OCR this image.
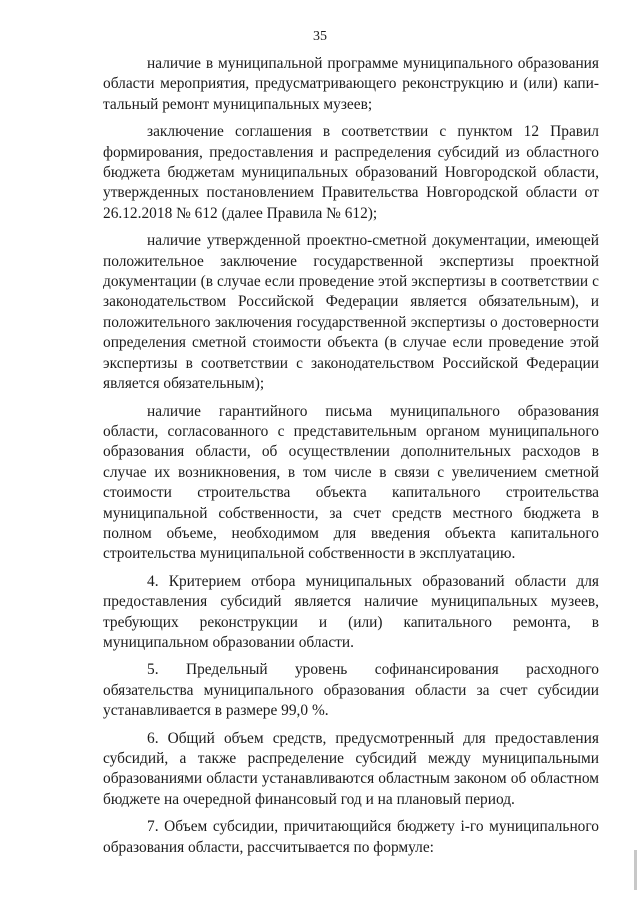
35

наличие в муниципальной программе муниципального образования области мероприятия, предусматривающего реконструкцию и (или) капитальный ремонт муниципальных музеев;

заключение соглашения в соответствии с пунктом 12 Правил формирования, предоставления и распределения субсидий из областного бюджета бюджетам муниципальных образований Новгородской области, утвержденных постановлением Правительства Новгородской области от 26.12.2018 № 612 (далее Правила № 612);

наличие утвержденной проектно-сметной документации, имеющей положительное заключение государственной экспертизы проектной документации (в случае если проведение этой экспертизы в соответствии с законодательством Российской Федерации является обязательным), и положительного заключения государственной экспертизы о достоверности определения сметной стоимости объекта (в случае если проведение этой экспертизы в соответствии с законодательством Российской Федерации является обязательным);

наличие гарантийного письма муниципального образования области, согласованного с представительным органом муниципального образования области, об осуществлении дополнительных расходов в случае их возникновения, в том числе в связи с увеличением сметной стоимости строительства объекта капитального строительства муниципальной собственности, за счет средств местного бюджета в полном объеме, необходимом для введения объекта капитального строительства муниципальной собственности в эксплуатацию.

4. Критерием отбора муниципальных образований области для предоставления субсидий является наличие муниципальных музеев, требующих реконструкции и (или) капитального ремонта, в муниципальном образовании области.

5. Предельный уровень софинансирования расходного обязательства муниципального образования области за счет субсидии устанавливается в размере 99,0 %.

6. Общий объем средств, предусмотренный для предоставления субсидий, а также распределение субсидий между муниципальными образованиями области устанавливаются областным законом об областном бюджете на очередной финансовый год и на плановый период.

7. Объем субсидии, причитающийся бюджету i-го муниципального образования области, рассчитывается по формуле:
